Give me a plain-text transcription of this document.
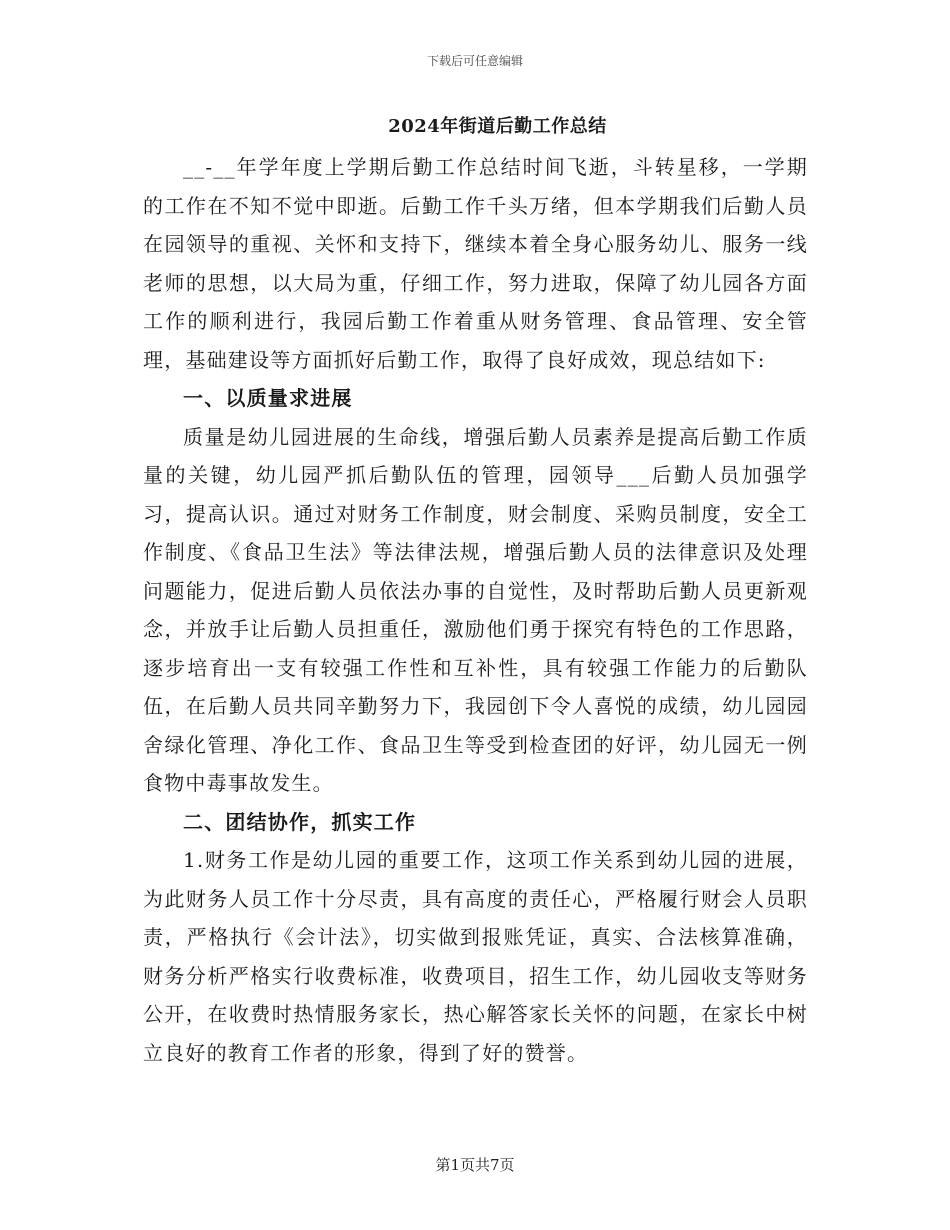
下载后可任意编辑
2024年街道后勤工作总结

__-__年学年度上学期后勤工作总结时间飞逝，斗转星移，一学期的工作在不知不觉中即逝。后勤工作千头万绪，但本学期我们后勤人员在园领导的重视、关怀和支持下，继续本着全身心服务幼儿、服务一线老师的思想，以大局为重，仔细工作，努力进取，保障了幼儿园各方面工作的顺利进行，我园后勤工作着重从财务管理、食品管理、安全管理，基础建设等方面抓好后勤工作，取得了良好成效，现总结如下:

一、以质量求进展

质量是幼儿园进展的生命线，增强后勤人员素养是提高后勤工作质量的关键，幼儿园严抓后勤队伍的管理，园领导___后勤人员加强学习，提高认识。通过对财务工作制度，财会制度、采购员制度，安全工作制度、《食品卫生法》等法律法规，增强后勤人员的法律意识及处理问题能力，促进后勤人员依法办事的自觉性，及时帮助后勤人员更新观念，并放手让后勤人员担重任，激励他们勇于探究有特色的工作思路，逐步培育出一支有较强工作性和互补性，具有较强工作能力的后勤队伍，在后勤人员共同辛勤努力下，我园创下令人喜悦的成绩，幼儿园园舍绿化管理、净化工作、食品卫生等受到检查团的好评，幼儿园无一例食物中毒事故发生。

二、团结协作，抓实工作

1.财务工作是幼儿园的重要工作，这项工作关系到幼儿园的进展，为此财务人员工作十分尽责，具有高度的责任心，严格履行财会人员职责，严格执行《会计法》，切实做到报账凭证，真实、合法核算准确，财务分析严格实行收费标准，收费项目，招生工作，幼儿园收支等财务公开，在收费时热情服务家长，热心解答家长关怀的问题，在家长中树立良好的教育工作者的形象，得到了好的赞誉。

第1页共7页
